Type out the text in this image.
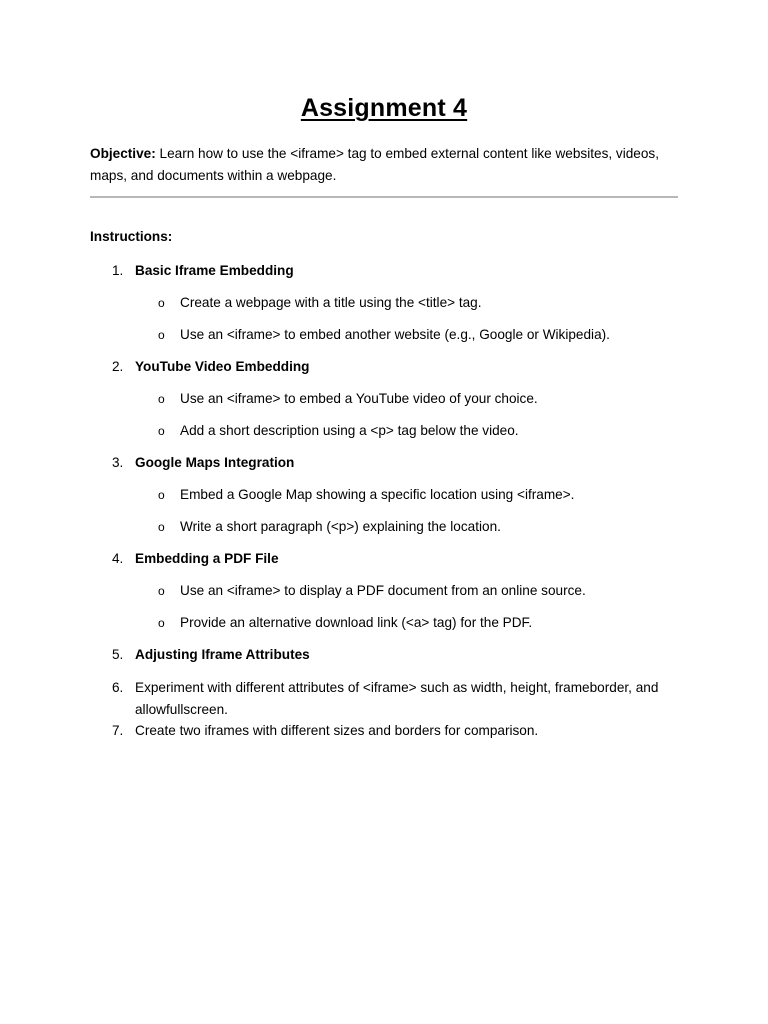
Assignment 4
Objective: Learn how to use the <iframe> tag to embed external content like websites, videos, maps, and documents within a webpage.
Instructions:
1. Basic Iframe Embedding
o Create a webpage with a title using the <title> tag.
o Use an <iframe> to embed another website (e.g., Google or Wikipedia).
2. YouTube Video Embedding
o Use an <iframe> to embed a YouTube video of your choice.
o Add a short description using a <p> tag below the video.
3. Google Maps Integration
o Embed a Google Map showing a specific location using <iframe>.
o Write a short paragraph (<p>) explaining the location.
4. Embedding a PDF File
o Use an <iframe> to display a PDF document from an online source.
o Provide an alternative download link (<a> tag) for the PDF.
5. Adjusting Iframe Attributes
6. Experiment with different attributes of <iframe> such as width, height, frameborder, and allowfullscreen.
7. Create two iframes with different sizes and borders for comparison.
